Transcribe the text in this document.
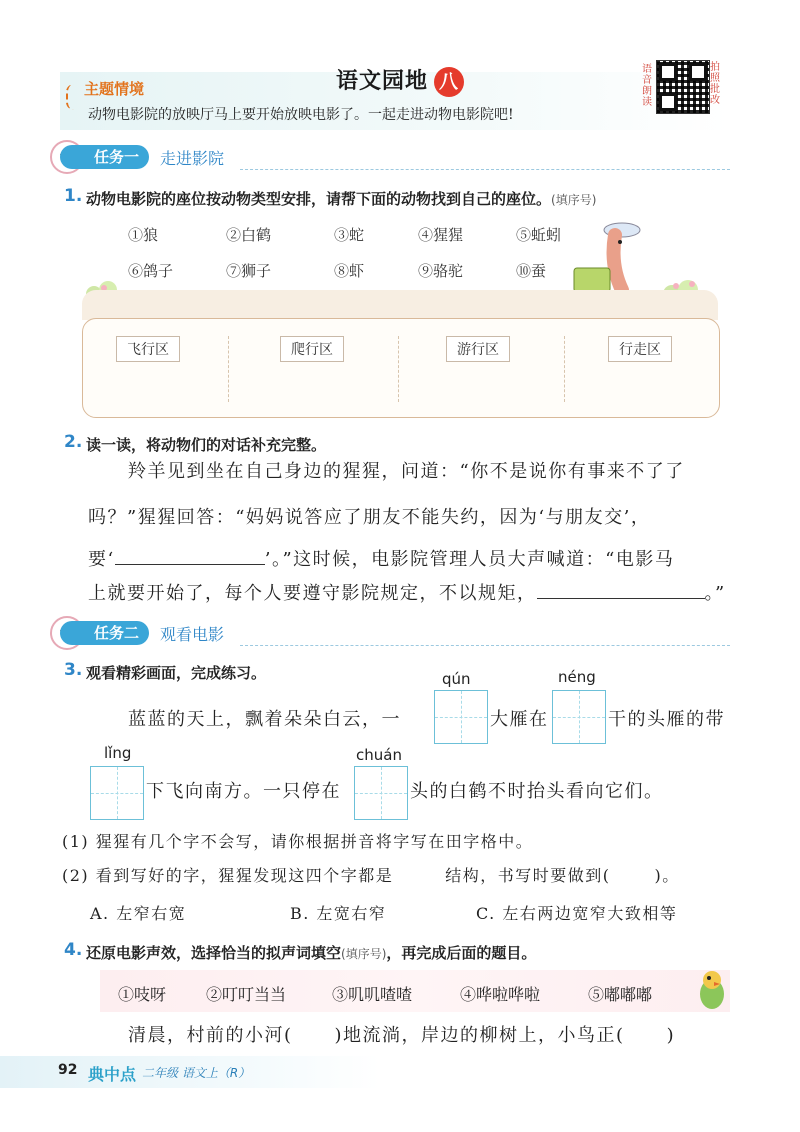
主题情境
动物电影院的放映厅马上要开始放映电影了。一起走进动物电影院吧!
语文园地 八
语音朗读
拍照批改
任务一	走进影院
1. 动物电影院的座位按动物类型安排，请帮下面的动物找到自己的座位。(填序号)
①狼	②白鹤	③蛇	④猩猩	⑤蚯蚓
⑥鸽子	⑦狮子	⑧虾	⑨骆驼	⑩蚕
飞行区	爬行区	游行区	行走区
2. 读一读，将动物们的对话补充完整。
羚羊见到坐在自己身边的猩猩，问道：“你不是说你有事来不了了
吗？”猩猩回答：“妈妈说答应了朋友不能失约，因为‘与朋友交’，
要‘	’。”这时候，电影院管理人员大声喊道：“电影马
上就要开始了，每个人要遵守影院规定，不以规矩，	。”
任务二	观看电影
3. 观看精彩画面，完成练习。	qún	néng
蓝蓝的天上，飘着朵朵白云，一	大雁在	干的头雁的带
lǐng	chuán
下飞向南方。一只停在	头的白鹤不时抬头看向它们。
(1) 猩猩有几个字不会写，请你根据拼音将字写在田字格中。
(2) 看到写好的字，猩猩发现这四个字都是	结构，书写时要做到(	)。
A. 左窄右宽	B. 左宽右窄	C. 左右两边宽窄大致相等
4. 还原电影声效，选择恰当的拟声词填空(填序号)，再完成后面的题目。
①吱呀 ②叮叮当当	③叽叽喳喳	④哗啦哗啦	⑤嘟嘟嘟
清晨，村前的小河( )地流淌，岸边的柳树上，小鸟正( )
92 典中点 二年级 语文上（R）
